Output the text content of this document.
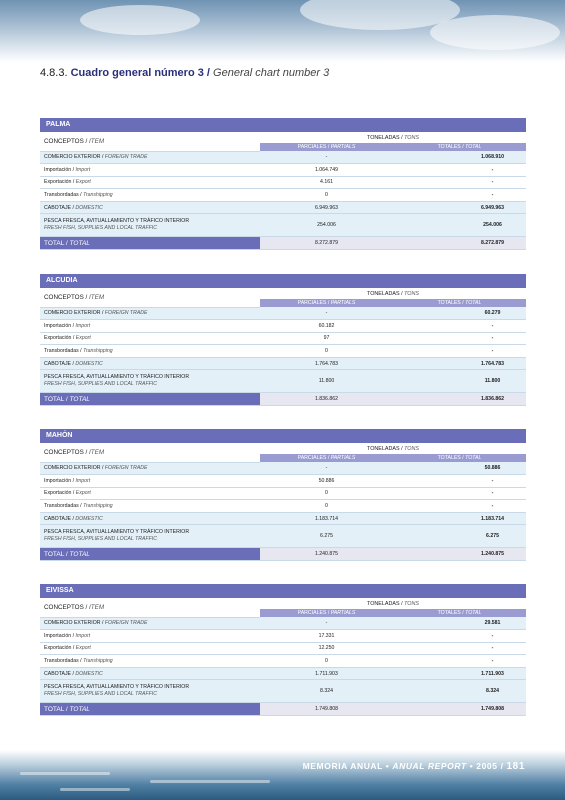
4.8.3. Cuadro general número 3 / General chart number 3
PALMA
CONCEPTOS / ITEM	TONELADAS / TONS	
	PARCIALES / PARTIALS	TOTALES / TOTAL
COMERCIO EXTERIOR / FOREIGN TRADE	-	1.068.910
Importación / Import	1.064.749	-
Exportación / Export	4.161	-
Transbordadas / Transhipping	0	-
CABOTAJE / DOMESTIC	6.949.963	6.949.963
PESCA FRESCA, AVITUALLAMIENTO Y TRÁFICO INTERIOR
FRESH FISH, SUPPLIES AND LOCAL TRAFFIC	254.006	254.006
TOTAL / TOTAL	8.272.879	8.272.879
ALCUDIA
CONCEPTOS / ITEM	TONELADAS / TONS	
	PARCIALES / PARTIALS	TOTALES / TOTAL
COMERCIO EXTERIOR / FOREIGN TRADE	-	60.279
Importación / Import	60.182	-
Exportación / Export	97	-
Transbordadas / Transhipping	0	-
CABOTAJE / DOMESTIC	1.764.783	1.764.783
PESCA FRESCA, AVITUALLAMIENTO Y TRÁFICO INTERIOR
FRESH FISH, SUPPLIES AND LOCAL TRAFFIC	11.800	11.800
TOTAL / TOTAL	1.836.862	1.836.862
MAHÓN
CONCEPTOS / ITEM	TONELADAS / TONS	
	PARCIALES / PARTIALS	TOTALES / TOTAL
COMERCIO EXTERIOR / FOREIGN TRADE	-	50.886
Importación / Import	50.886	-
Exportación / Export	0	-
Transbordadas / Transhipping	0	-
CABOTAJE / DOMESTIC	1.183.714	1.183.714
PESCA FRESCA, AVITUALLAMIENTO Y TRÁFICO INTERIOR
FRESH FISH, SUPPLIES AND LOCAL TRAFFIC	6.275	6.275
TOTAL / TOTAL	1.240.875	1.240.875
EIVISSA
CONCEPTOS / ITEM	TONELADAS / TONS	
	PARCIALES / PARTIALS	TOTALES / TOTAL
COMERCIO EXTERIOR / FOREIGN TRADE	-	29.581
Importación / Import	17.331	-
Exportación / Export	12.250	-
Transbordadas / Transhipping	0	-
CABOTAJE / DOMESTIC	1.711.903	1.711.903
PESCA FRESCA, AVITUALLAMIENTO Y TRÁFICO INTERIOR
FRESH FISH, SUPPLIES AND LOCAL TRAFFIC	8.324	8.324
TOTAL / TOTAL	1.749.808	1.749.808
MEMORIA ANUAL • ANUAL REPORT • 2005 / 181
